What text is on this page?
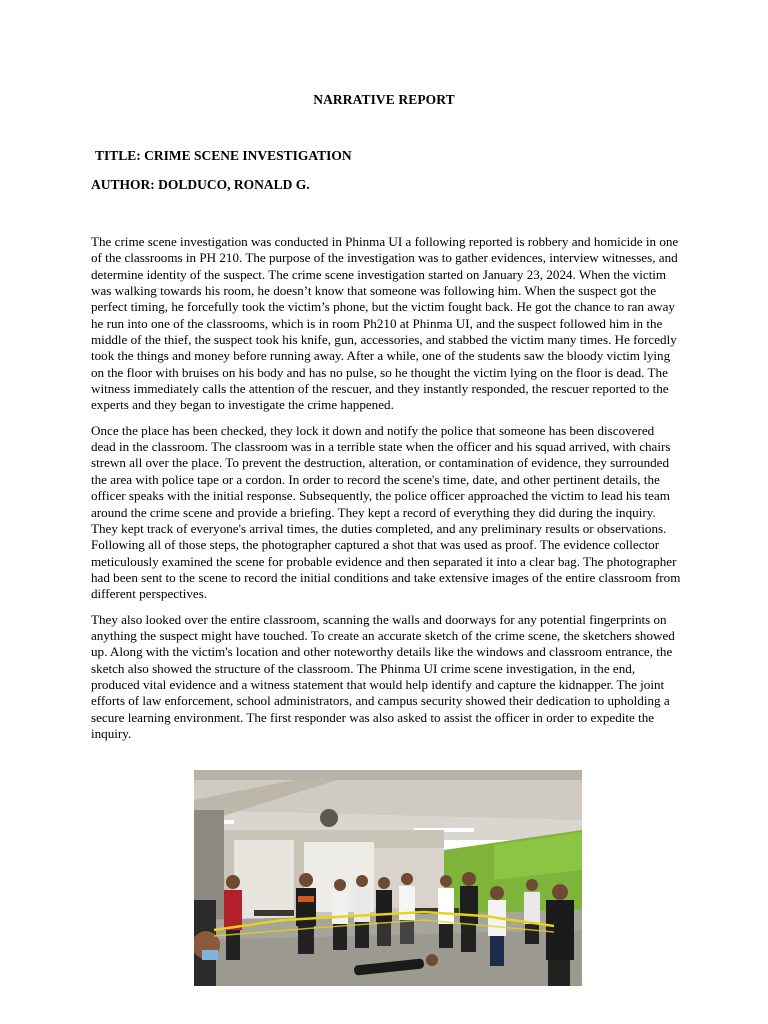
NARRATIVE REPORT
TITLE: CRIME SCENE INVESTIGATION
AUTHOR: DOLDUCO, RONALD G.

The crime scene investigation was conducted in Phinma UI a following reported is robbery and homicide in one of the classrooms in PH 210. The purpose of the investigation was to gather evidences, interview witnesses, and determine identity of the suspect. The crime scene investigation started on January 23, 2024. When the victim was walking towards his room, he doesn’t know that someone was following him. When the suspect got the perfect timing, he forcefully took the victim’s phone, but the victim fought back. He got the chance to ran away he run into one of the classrooms, which is in room Ph210 at Phinma UI, and the suspect followed him in the middle of the thief, the suspect took his knife, gun, accessories, and stabbed the victim many times. He forcedly took the things and money before running away. After a while, one of the students saw the bloody victim lying on the floor with bruises on his body and has no pulse, so he thought the victim lying on the floor is dead. The witness immediately calls the attention of the rescuer, and they instantly responded, the rescuer reported to the experts and they began to investigate the crime happened.

Once the place has been checked, they lock it down and notify the police that someone has been discovered dead in the classroom. The classroom was in a terrible state when the officer and his squad arrived, with chairs strewn all over the place. To prevent the destruction, alteration, or contamination of evidence, they surrounded the area with police tape or a cordon. In order to record the scene's time, date, and other pertinent details, the officer speaks with the initial response. Subsequently, the police officer approached the victim to lead his team around the crime scene and provide a briefing. They kept a record of everything they did during the inquiry. They kept track of everyone's arrival times, the duties completed, and any preliminary results or observations. Following all of those steps, the photographer captured a shot that was used as proof. The evidence collector meticulously examined the scene for probable evidence and then separated it into a clear bag. The photographer had been sent to the scene to record the initial conditions and take extensive images of the entire classroom from different perspectives.

They also looked over the entire classroom, scanning the walls and doorways for any potential fingerprints on anything the suspect might have touched. To create an accurate sketch of the crime scene, the sketchers showed up. Along with the victim's location and other noteworthy details like the windows and classroom entrance, the sketch also showed the structure of the classroom. The Phinma UI crime scene investigation, in the end, produced vital evidence and a witness statement that would help identify and capture the kidnapper. The joint efforts of law enforcement, school administrators, and campus security showed their dedication to upholding a secure learning environment. The first responder was also asked to assist the officer in order to expedite the inquiry.
